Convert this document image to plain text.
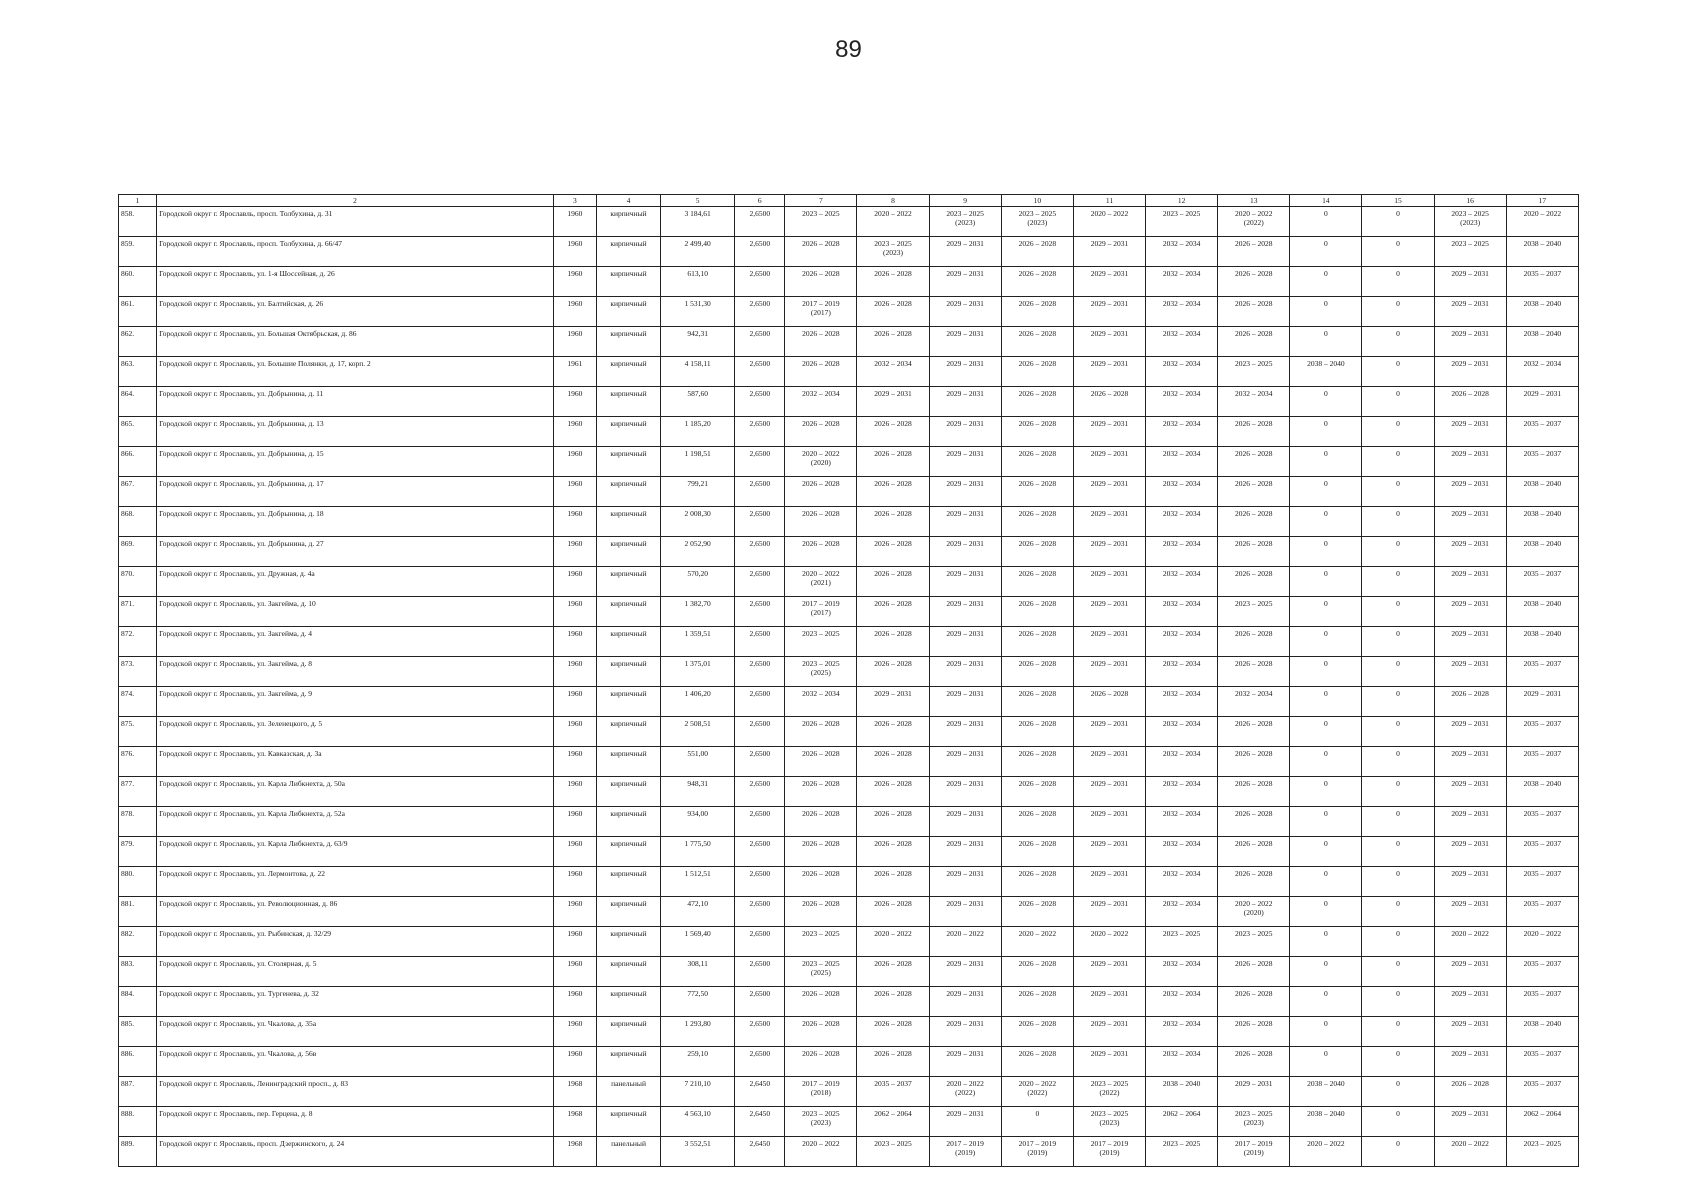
89
1	2	3	4	5	6	7	8	9	10	11	12	13	14	15	16	17
858.	Городской округ г. Ярославль, просп. Толбухина, д. 31	1960	кирпичный	3 184,61	2,6500	2023 – 2025	2020 – 2022	2023 – 2025
(2023)	2023 – 2025
(2023)	2020 – 2022	2023 – 2025	2020 – 2022
(2022)	0	0	2023 – 2025
(2023)	2020 – 2022
859.	Городской округ г. Ярославль, просп. Толбухина, д. 66/47	1960	кирпичный	2 499,40	2,6500	2026 – 2028	2023 – 2025
(2023)	2029 – 2031	2026 – 2028	2029 – 2031	2032 – 2034	2026 – 2028	0	0	2023 – 2025	2038 – 2040
860.	Городской округ г. Ярославль, ул. 1-я Шоссейная, д. 26	1960	кирпичный	613,10	2,6500	2026 – 2028	2026 – 2028	2029 – 2031	2026 – 2028	2029 – 2031	2032 – 2034	2026 – 2028	0	0	2029 – 2031	2035 – 2037
861.	Городской округ г. Ярославль, ул. Балтийская, д. 26	1960	кирпичный	1 531,30	2,6500	2017 – 2019
(2017)	2026 – 2028	2029 – 2031	2026 – 2028	2029 – 2031	2032 – 2034	2026 – 2028	0	0	2029 – 2031	2038 – 2040
862.	Городской округ г. Ярославль, ул. Большая Октябрьская, д. 86	1960	кирпичный	942,31	2,6500	2026 – 2028	2026 – 2028	2029 – 2031	2026 – 2028	2029 – 2031	2032 – 2034	2026 – 2028	0	0	2029 – 2031	2038 – 2040
863.	Городской округ г. Ярославль, ул. Большие Полянки, д. 17, корп. 2	1961	кирпичный	4 158,11	2,6500	2026 – 2028	2032 – 2034	2029 – 2031	2026 – 2028	2029 – 2031	2032 – 2034	2023 – 2025	2038 – 2040	0	2029 – 2031	2032 – 2034
864.	Городской округ г. Ярославль, ул. Добрынина, д. 11	1960	кирпичный	587,60	2,6500	2032 – 2034	2029 – 2031	2029 – 2031	2026 – 2028	2026 – 2028	2032 – 2034	2032 – 2034	0	0	2026 – 2028	2029 – 2031
865.	Городской округ г. Ярославль, ул. Добрынина, д. 13	1960	кирпичный	1 185,20	2,6500	2026 – 2028	2026 – 2028	2029 – 2031	2026 – 2028	2029 – 2031	2032 – 2034	2026 – 2028	0	0	2029 – 2031	2035 – 2037
866.	Городской округ г. Ярославль, ул. Добрынина, д. 15	1960	кирпичный	1 198,51	2,6500	2020 – 2022
(2020)	2026 – 2028	2029 – 2031	2026 – 2028	2029 – 2031	2032 – 2034	2026 – 2028	0	0	2029 – 2031	2035 – 2037
867.	Городской округ г. Ярославль, ул. Добрынина, д. 17	1960	кирпичный	799,21	2,6500	2026 – 2028	2026 – 2028	2029 – 2031	2026 – 2028	2029 – 2031	2032 – 2034	2026 – 2028	0	0	2029 – 2031	2038 – 2040
868.	Городской округ г. Ярославль, ул. Добрынина, д. 18	1960	кирпичный	2 008,30	2,6500	2026 – 2028	2026 – 2028	2029 – 2031	2026 – 2028	2029 – 2031	2032 – 2034	2026 – 2028	0	0	2029 – 2031	2038 – 2040
869.	Городской округ г. Ярославль, ул. Добрынина, д. 27	1960	кирпичный	2 052,90	2,6500	2026 – 2028	2026 – 2028	2029 – 2031	2026 – 2028	2029 – 2031	2032 – 2034	2026 – 2028	0	0	2029 – 2031	2038 – 2040
870.	Городской округ г. Ярославль, ул. Дружная, д. 4а	1960	кирпичный	570,20	2,6500	2020 – 2022
(2021)	2026 – 2028	2029 – 2031	2026 – 2028	2029 – 2031	2032 – 2034	2026 – 2028	0	0	2029 – 2031	2035 – 2037
871.	Городской округ г. Ярославль, ул. Закгейма, д. 10	1960	кирпичный	1 382,70	2,6500	2017 – 2019
(2017)	2026 – 2028	2029 – 2031	2026 – 2028	2029 – 2031	2032 – 2034	2023 – 2025	0	0	2029 – 2031	2038 – 2040
872.	Городской округ г. Ярославль, ул. Закгейма, д. 4	1960	кирпичный	1 359,51	2,6500	2023 – 2025	2026 – 2028	2029 – 2031	2026 – 2028	2029 – 2031	2032 – 2034	2026 – 2028	0	0	2029 – 2031	2038 – 2040
873.	Городской округ г. Ярославль, ул. Закгейма, д. 8	1960	кирпичный	1 375,01	2,6500	2023 – 2025
(2025)	2026 – 2028	2029 – 2031	2026 – 2028	2029 – 2031	2032 – 2034	2026 – 2028	0	0	2029 – 2031	2035 – 2037
874.	Городской округ г. Ярославль, ул. Закгейма, д. 9	1960	кирпичный	1 406,20	2,6500	2032 – 2034	2029 – 2031	2029 – 2031	2026 – 2028	2026 – 2028	2032 – 2034	2032 – 2034	0	0	2026 – 2028	2029 – 2031
875.	Городской округ г. Ярославль, ул. Зеленецкого, д. 5	1960	кирпичный	2 508,51	2,6500	2026 – 2028	2026 – 2028	2029 – 2031	2026 – 2028	2029 – 2031	2032 – 2034	2026 – 2028	0	0	2029 – 2031	2035 – 2037
876.	Городской округ г. Ярославль, ул. Кавказская, д. 3а	1960	кирпичный	551,00	2,6500	2026 – 2028	2026 – 2028	2029 – 2031	2026 – 2028	2029 – 2031	2032 – 2034	2026 – 2028	0	0	2029 – 2031	2035 – 2037
877.	Городской округ г. Ярославль, ул. Карла Либкнехта, д. 50а	1960	кирпичный	948,31	2,6500	2026 – 2028	2026 – 2028	2029 – 2031	2026 – 2028	2029 – 2031	2032 – 2034	2026 – 2028	0	0	2029 – 2031	2038 – 2040
878.	Городской округ г. Ярославль, ул. Карла Либкнехта, д. 52а	1960	кирпичный	934,00	2,6500	2026 – 2028	2026 – 2028	2029 – 2031	2026 – 2028	2029 – 2031	2032 – 2034	2026 – 2028	0	0	2029 – 2031	2035 – 2037
879.	Городской округ г. Ярославль, ул. Карла Либкнехта, д. 63/9	1960	кирпичный	1 775,50	2,6500	2026 – 2028	2026 – 2028	2029 – 2031	2026 – 2028	2029 – 2031	2032 – 2034	2026 – 2028	0	0	2029 – 2031	2035 – 2037
880.	Городской округ г. Ярославль, ул. Лермонтова, д. 22	1960	кирпичный	1 512,51	2,6500	2026 – 2028	2026 – 2028	2029 – 2031	2026 – 2028	2029 – 2031	2032 – 2034	2026 – 2028	0	0	2029 – 2031	2035 – 2037
881.	Городской округ г. Ярославль, ул. Революционная, д. 86	1960	кирпичный	472,10	2,6500	2026 – 2028	2026 – 2028	2029 – 2031	2026 – 2028	2029 – 2031	2032 – 2034	2020 – 2022
(2020)	0	0	2029 – 2031	2035 – 2037
882.	Городской округ г. Ярославль, ул. Рыбинская, д. 32/29	1960	кирпичный	1 569,40	2,6500	2023 – 2025	2020 – 2022	2020 – 2022	2020 – 2022	2020 – 2022	2023 – 2025	2023 – 2025	0	0	2020 – 2022	2020 – 2022
883.	Городской округ г. Ярославль, ул. Столярная, д. 5	1960	кирпичный	308,11	2,6500	2023 – 2025
(2025)	2026 – 2028	2029 – 2031	2026 – 2028	2029 – 2031	2032 – 2034	2026 – 2028	0	0	2029 – 2031	2035 – 2037
884.	Городской округ г. Ярославль, ул. Тургенева, д. 32	1960	кирпичный	772,50	2,6500	2026 – 2028	2026 – 2028	2029 – 2031	2026 – 2028	2029 – 2031	2032 – 2034	2026 – 2028	0	0	2029 – 2031	2035 – 2037
885.	Городской округ г. Ярославль, ул. Чкалова, д. 35а	1960	кирпичный	1 293,80	2,6500	2026 – 2028	2026 – 2028	2029 – 2031	2026 – 2028	2029 – 2031	2032 – 2034	2026 – 2028	0	0	2029 – 2031	2038 – 2040
886.	Городской округ г. Ярославль, ул. Чкалова, д. 56в	1960	кирпичный	259,10	2,6500	2026 – 2028	2026 – 2028	2029 – 2031	2026 – 2028	2029 – 2031	2032 – 2034	2026 – 2028	0	0	2029 – 2031	2035 – 2037
887.	Городской округ г. Ярославль, Ленинградский просп., д. 83	1968	панельный	7 210,10	2,6450	2017 – 2019
(2018)	2035 – 2037	2020 – 2022
(2022)	2020 – 2022
(2022)	2023 – 2025
(2022)	2038 – 2040	2029 – 2031	2038 – 2040	0	2026 – 2028	2035 – 2037
888.	Городской округ г. Ярославль, пер. Герцена, д. 8	1968	кирпичный	4 563,10	2,6450	2023 – 2025
(2023)	2062 – 2064	2029 – 2031	0	2023 – 2025
(2023)	2062 – 2064	2023 – 2025
(2023)	2038 – 2040	0	2029 – 2031	2062 – 2064
889.	Городской округ г. Ярославль, просп. Дзержинского, д. 24	1968	панельный	3 552,51	2,6450	2020 – 2022	2023 – 2025	2017 – 2019
(2019)	2017 – 2019
(2019)	2017 – 2019
(2019)	2023 – 2025	2017 – 2019
(2019)	2020 – 2022	0	2020 – 2022	2023 – 2025
